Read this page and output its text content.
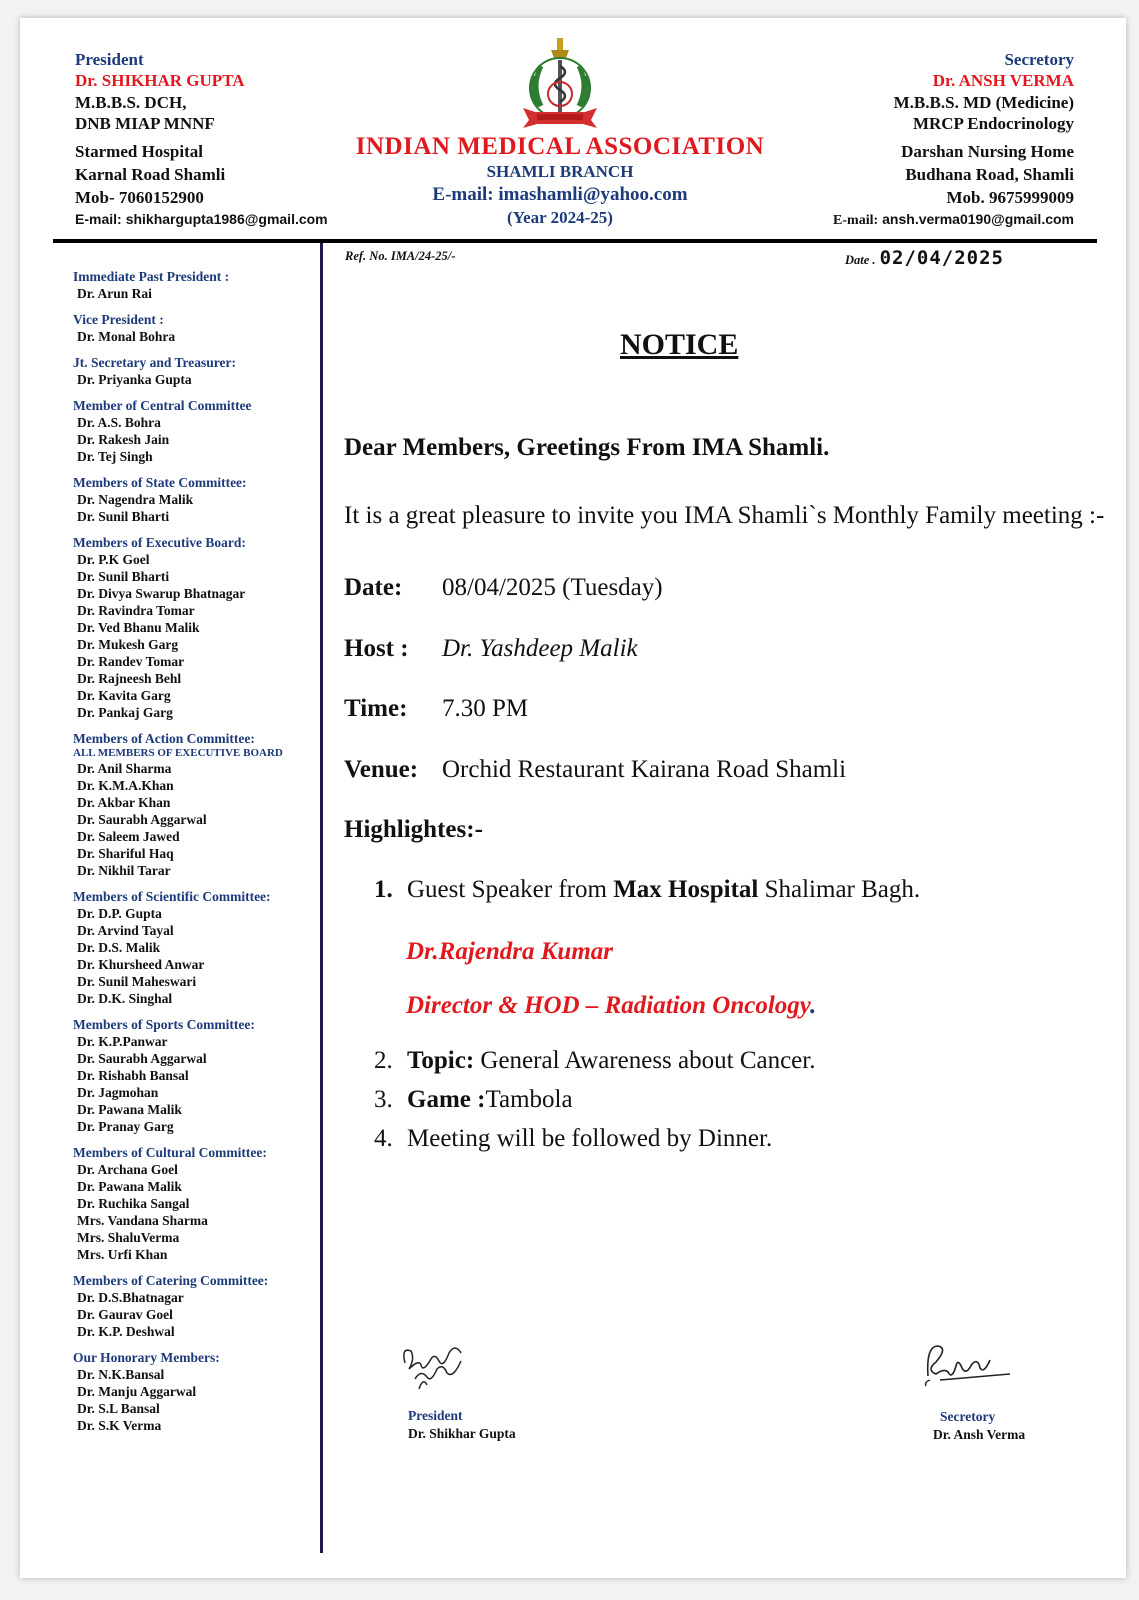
President
Dr. SHIKHAR GUPTA
M.B.B.S. DCH,
DNB MIAP MNNF
Starmed Hospital
Karnal Road Shamli
Mob- 7060152900
E-mail: shikhargupta1986@gmail.com
INDIAN MEDICAL ASSOCIATION
SHAMLI BRANCH
E-mail: imashamli@yahoo.com
(Year 2024-25)
Secretory
Dr. ANSH VERMA
M.B.B.S. MD (Medicine)
MRCP Endocrinology
Darshan Nursing Home
Budhana Road, Shamli
Mob. 9675999009
E-mail: ansh.verma0190@gmail.com
Immediate Past President :
Dr. Arun Rai
Vice President :
Dr. Monal Bohra
Jt. Secretary and Treasurer:
Dr. Priyanka Gupta
Member of Central Committee
Dr. A.S. Bohra
Dr. Rakesh Jain
Dr. Tej Singh
Members of State Committee:
Dr. Nagendra Malik
Dr. Sunil Bharti
Members of Executive Board:
Dr. P.K Goel
Dr. Sunil Bharti
Dr. Divya Swarup Bhatnagar
Dr. Ravindra Tomar
Dr. Ved Bhanu Malik
Dr. Mukesh Garg
Dr. Randev Tomar
Dr. Rajneesh Behl
Dr. Kavita Garg
Dr. Pankaj Garg
Members of Action Committee:
ALL MEMBERS OF EXECUTIVE BOARD
Dr. Anil Sharma
Dr. K.M.A.Khan
Dr. Akbar Khan
Dr. Saurabh Aggarwal
Dr. Saleem Jawed
Dr. Shariful Haq
Dr. Nikhil Tarar
Members of Scientific Committee:
Dr. D.P. Gupta
Dr. Arvind Tayal
Dr. D.S. Malik
Dr. Khursheed Anwar
Dr. Sunil Maheswari
Dr. D.K. Singhal
Members of Sports Committee:
Dr. K.P.Panwar
Dr. Saurabh Aggarwal
Dr. Rishabh Bansal
Dr. Jagmohan
Dr. Pawana Malik
Dr. Pranay Garg
Members of Cultural Committee:
Dr. Archana Goel
Dr. Pawana Malik
Dr. Ruchika Sangal
Mrs. Vandana Sharma
Mrs. ShaluVerma
Mrs. Urfi Khan
Members of Catering Committee:
Dr. D.S.Bhatnagar
Dr. Gaurav Goel
Dr. K.P. Deshwal
Our Honorary Members:
Dr. N.K.Bansal
Dr. Manju Aggarwal
Dr. S.L Bansal
Dr. S.K Verma
Ref. No. IMA/24-25/-	Date . 02/04/2025
NOTICE
Dear Members, Greetings From IMA Shamli.
It is a great pleasure to invite you IMA Shamli`s Monthly Family meeting :-
Date: 08/04/2025 (Tuesday)
Host : Dr. Yashdeep Malik
Time: 7.30 PM
Venue: Orchid Restaurant Kairana Road Shamli
Highlightes:-
1. Guest Speaker from Max Hospital Shalimar Bagh.
Dr.Rajendra Kumar
Director & HOD – Radiation Oncology.
2. Topic: General Awareness about Cancer.
3. Game :Tambola
4. Meeting will be followed by Dinner.
President
Dr. Shikhar Gupta
Secretory
Dr. Ansh Verma
